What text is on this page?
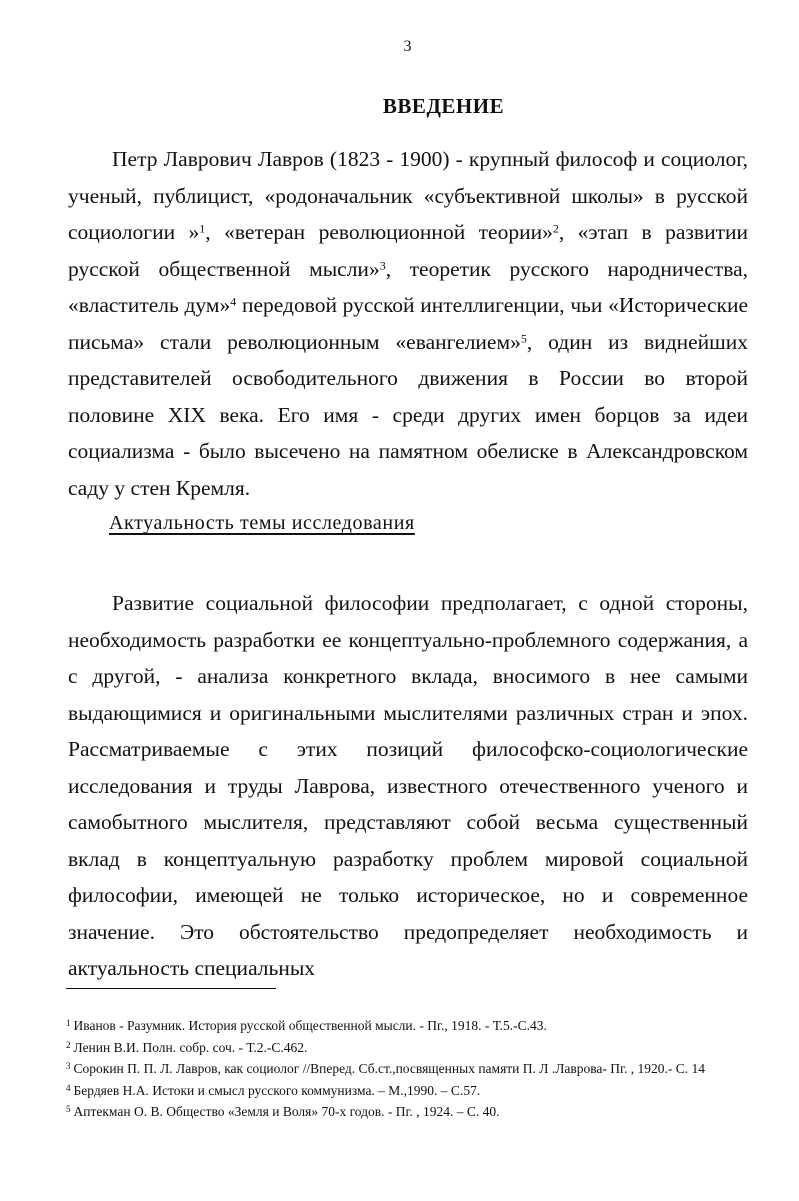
3
ВВЕДЕНИЕ

Петр Лаврович Лавров (1823 - 1900) - крупный философ и социолог, ученый, публицист, «родоначальник «субъективной школы» в русской социологии »$^1$, «ветеран революционной теории»$^2$, «этап в развитии русской общественной мысли»$^3$, теоретик русского народничества, «властитель дум»$^4$ передовой русской интеллигенции, чьи «Исторические письма» стали революционным «евангелием»$^5$, один из виднейших представителей освободительного движения в России во второй половине XIX века. Его имя - среди других имен борцов за идеи социализма - было высечено на памятном обелиске в Александровском саду у стен Кремля.

Актуальность темы исследования

Развитие социальной философии предполагает, с одной стороны, необходимость разработки ее концептуально-проблемного содержания, а с другой, - анализа конкретного вклада, вносимого в нее самыми выдающимися и оригинальными мыслителями различных стран и эпох. Рассматриваемые с этих позиций философско-социологические исследования и труды Лаврова, известного отечественного ученого и самобытного мыслителя, представляют собой весьма существенный вклад в концептуальную разработку проблем мировой социальной философии, имеющей не только историческое, но и современное значение. Это обстоятельство предопределяет необходимость и актуальность специальных

$^1$ Иванов - Разумник. История русской общественной мысли. - Пг., 1918. - Т.5.-С.43.
$^2$ Ленин В.И. Полн. собр. соч. - Т.2.-С.462.
$^3$ Сорокин П. П. Л. Лавров, как социолог //Вперед. Сб.ст.,посвященных памяти П. Л .Лаврова- Пг. , 1920.- С. 14
$^4$ Бердяев Н.А. Истоки и смысл русского коммунизма. – М.,1990. – С.57.
$^5$ Аптекман О. В. Общество «Земля и Воля» 70-х годов. - Пг. , 1924. – С. 40.
